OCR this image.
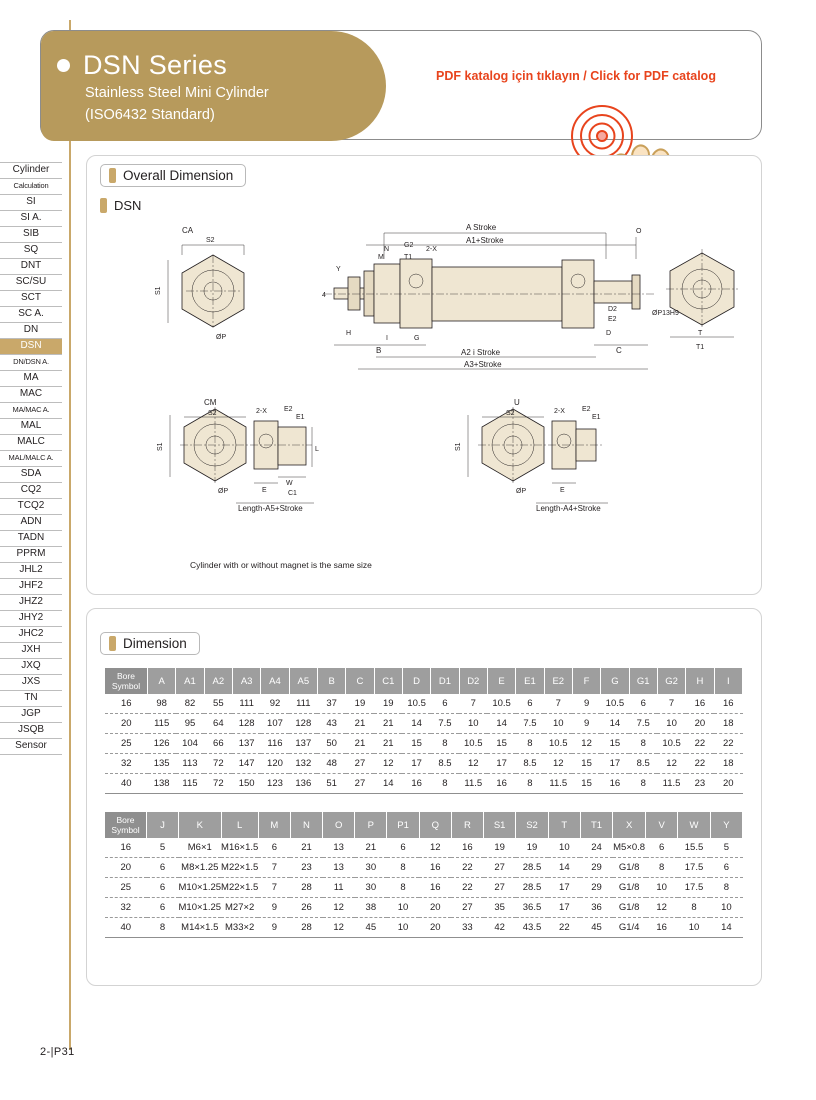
Cylinder
Calculation
SI
SI A.
SIB
SQ
DNT
SC/SU
SCT
SC A.
DN
DSN
DN/DSN A.
MA
MAC
MA/MAC A.
MAL
MALC
MAL/MALC A.
SDA
CQ2
TCQ2
ADN
TADN
PPRM
JHL2
JHF2
JHZ2
JHY2
JHC2
JXH
JXQ
JXS
TN
JGP
JSQB
Sensor
DSN Series
Stainless Steel Mini Cylinder
(ISO6432 Standard)
PDF katalog için tıklayın / Click for PDF catalog
Overall Dimension
DSN
CA
S2
S1
ØP
A Stroke
A1+Stroke
A2 i Stroke
A3+Stroke
B	C
N
G2
M	T1
2-X
Y
4
H
I	G
D2
E2
D
O
ØP13H9
T
T1
CM
S2
S1
ØP
2-X E2
E1
L
E
W
C1
Length-A5+Stroke
U
S2
S1
ØP
2-X E2
E1
E
Length-A4+Stroke
Cylinder with or without magnet is the same size
Dimension
Bore
Symbol	A	A1	A2	A3	A4	A5	B	C	C1	D	D1	D2	E	E1	E2	F	G	G1	G2	H	I
16	98	82	55	111	92	111	37	19	19	10.5	6	7	10.5	6	7	9	10.5	6	7	16	16
20	115	95	64	128	107	128	43	21	21	14	7.5	10	14	7.5	10	9	14	7.5	10	20	18
25	126	104	66	137	116	137	50	21	21	15	8	10.5	15	8	10.5	12	15	8	10.5	22	22
32	135	113	72	147	120	132	48	27	12	17	8.5	12	17	8.5	12	15	17	8.5	12	22	18
40	138	115	72	150	123	136	51	27	14	16	8	11.5	16	8	11.5	15	16	8	11.5	23	20
Bore
Symbol	J	K	L	M	N	O	P	P1	Q	R	S1	S2	T	T1	X	V	W	Y
16	5	M6×1	M16×1.5	6	21	13	21	6	12	16	19	19	10	24	M5×0.8	6	15.5	5
20	6	M8×1.25	M22×1.5	7	23	13	30	8	16	22	27	28.5	14	29	G1/8	8	17.5	6
25	6	M10×1.25	M22×1.5	7	28	11	30	8	16	22	27	28.5	17	29	G1/8	10	17.5	8
32	6	M10×1.25	M27×2	9	26	12	38	10	20	27	35	36.5	17	36	G1/8	12	8	10
40	8	M14×1.5	M33×2	9	28	12	45	10	20	33	42	43.5	22	45	G1/4	16	10	14
2-|P31
